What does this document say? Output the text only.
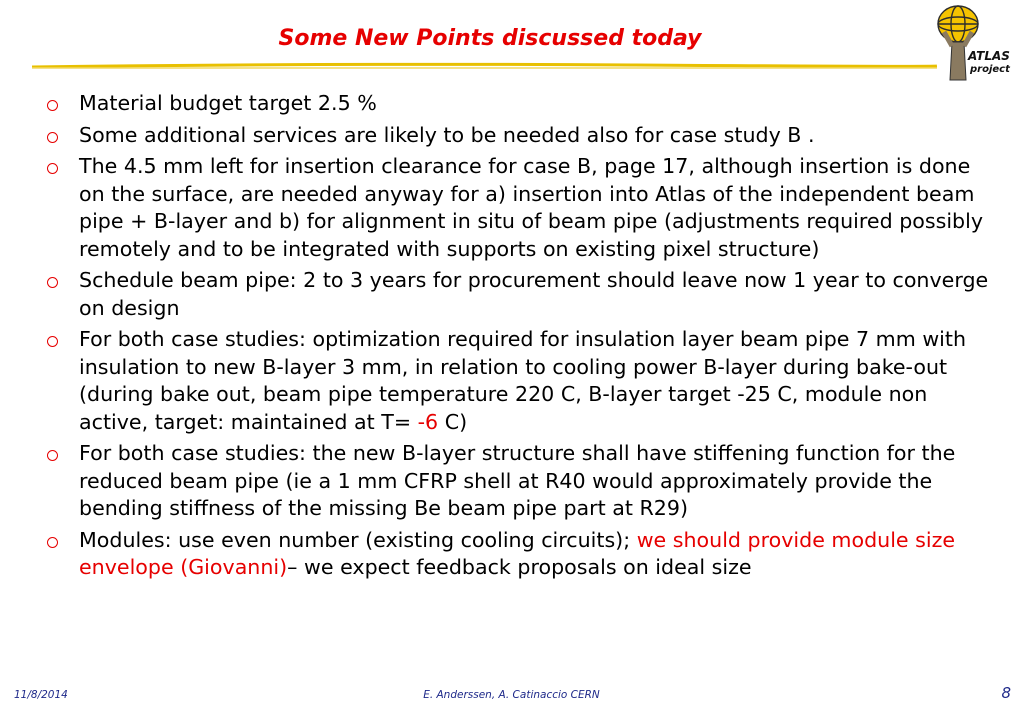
Some New Points discussed today
ATLAS
project
Material budget target 2.5 %
Some additional services are likely to be needed also for case study B .
The 4.5 mm left for insertion clearance for case B, page 17, although insertion is done on the surface, are needed anyway for a) insertion into Atlas of the independent beam pipe + B-layer and b) for alignment in situ of beam pipe (adjustments required possibly remotely and to be integrated with supports on existing pixel structure)
Schedule beam pipe: 2 to 3 years for procurement should leave now 1 year to converge on design
For both case studies: optimization required for insulation layer beam pipe 7 mm with insulation to new B-layer 3 mm, in relation to cooling power B-layer during bake-out (during bake out, beam pipe temperature 220 C, B-layer target -25 C, module non active, target: maintained at T= -6 C)
For both case studies: the new B-layer structure shall have stiffening function for the reduced beam pipe (ie a 1 mm CFRP shell at R40 would approximately provide the bending stiffness of the missing Be beam pipe part at R29)
Modules: use even number (existing cooling circuits); we should provide module size envelope (Giovanni)– we expect feedback proposals on ideal size
11/8/2014	E. Anderssen, A. Catinaccio CERN	8
